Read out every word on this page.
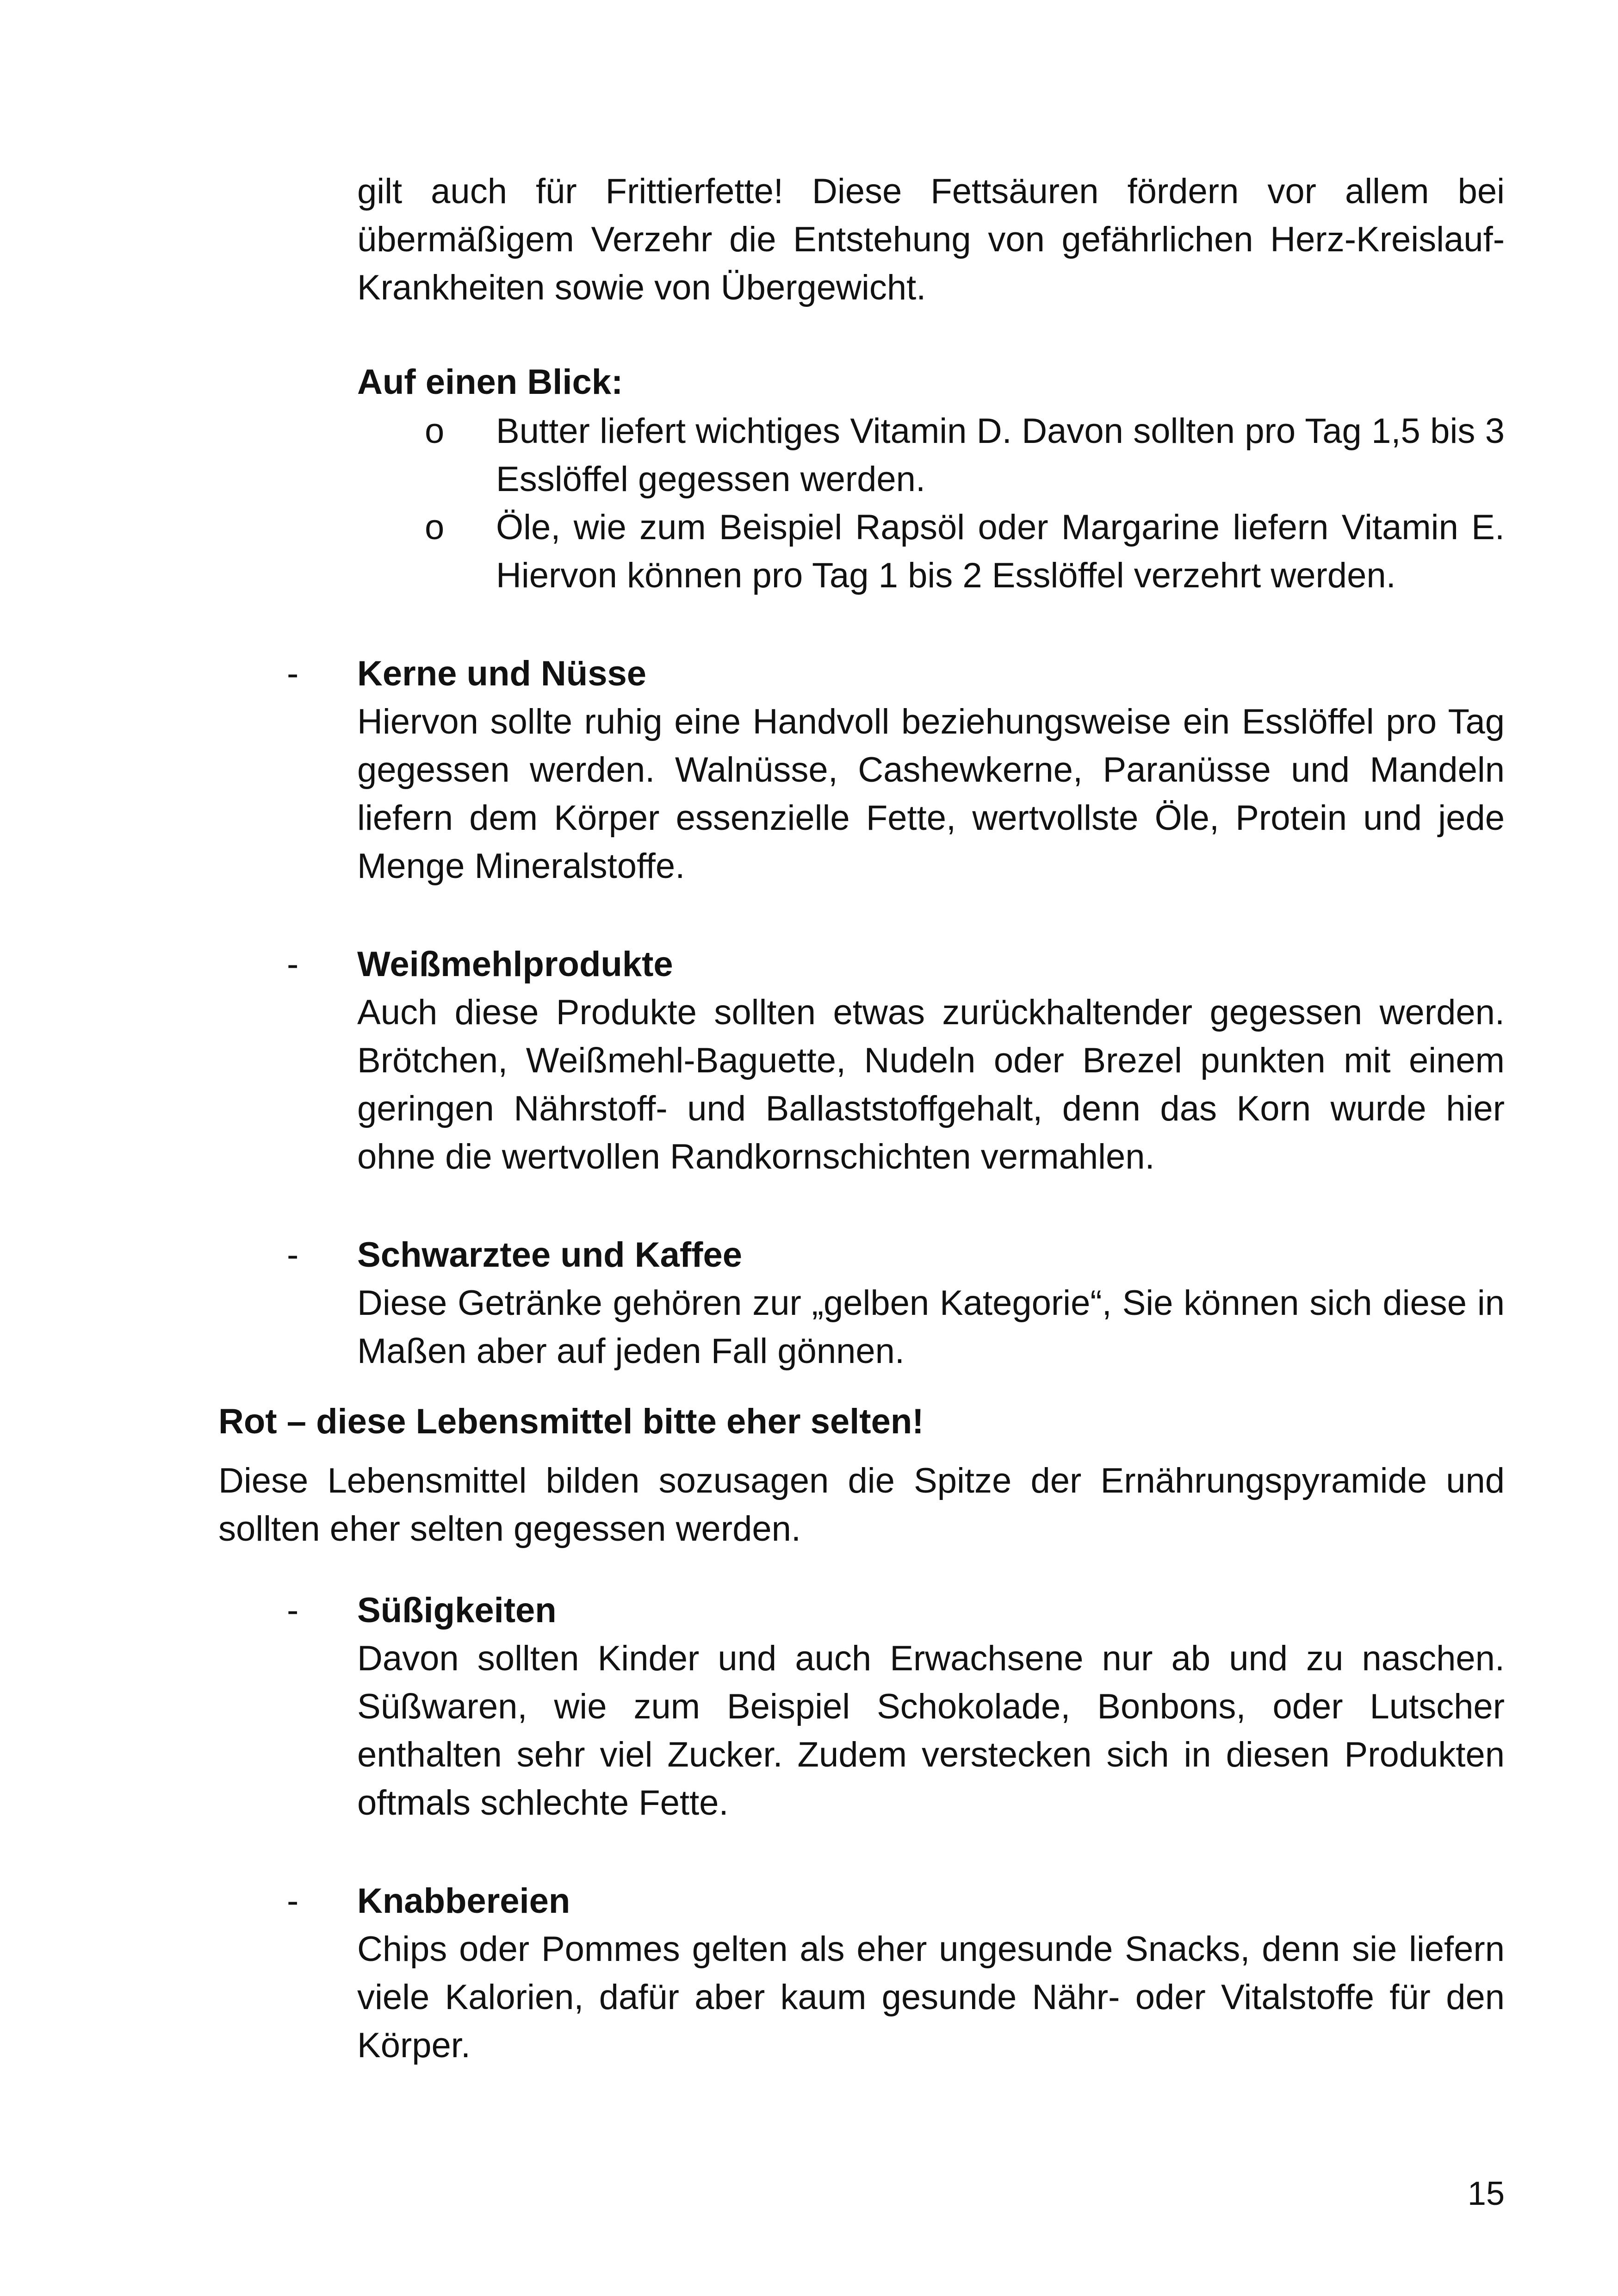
gilt auch für Frittierfette! Diese Fettsäuren fördern vor allem bei übermäßigem Verzehr die Entstehung von gefährlichen Herz-Kreislauf-Krankheiten sowie von Übergewicht.

Auf einen Blick:
o Butter liefert wichtiges Vitamin D. Davon sollten pro Tag 1,5 bis 3 Esslöffel gegessen werden.

o Öle, wie zum Beispiel Rapsöl oder Margarine liefern Vitamin E. Hiervon können pro Tag 1 bis 2 Esslöffel verzehrt werden.

- Kerne und Nüsse

Hiervon sollte ruhig eine Handvoll beziehungsweise ein Esslöffel pro Tag gegessen werden. Walnüsse, Cashewkerne, Paranüsse und Mandeln liefern dem Körper essenzielle Fette, wertvollste Öle, Protein und jede Menge Mineralstoffe.

- Weißmehlprodukte

Auch diese Produkte sollten etwas zurückhaltender gegessen werden. Brötchen, Weißmehl-Baguette, Nudeln oder Brezel punkten mit einem geringen Nährstoff- und Ballaststoffgehalt, denn das Korn wurde hier ohne die wertvollen Randkornschichten vermahlen.

- Schwarztee und Kaffee

Diese Getränke gehören zur „gelben Kategorie“, Sie können sich diese in Maßen aber auf jeden Fall gönnen.

Rot – diese Lebensmittel bitte eher selten!

Diese Lebensmittel bilden sozusagen die Spitze der Ernährungspyramide und sollten eher selten gegessen werden.

- Süßigkeiten

Davon sollten Kinder und auch Erwachsene nur ab und zu naschen. Süßwaren, wie zum Beispiel Schokolade, Bonbons, oder Lutscher enthalten sehr viel Zucker. Zudem verstecken sich in diesen Produkten oftmals schlechte Fette.

- Knabbereien

Chips oder Pommes gelten als eher ungesunde Snacks, denn sie liefern viele Kalorien, dafür aber kaum gesunde Nähr- oder Vitalstoffe für den Körper.

15
